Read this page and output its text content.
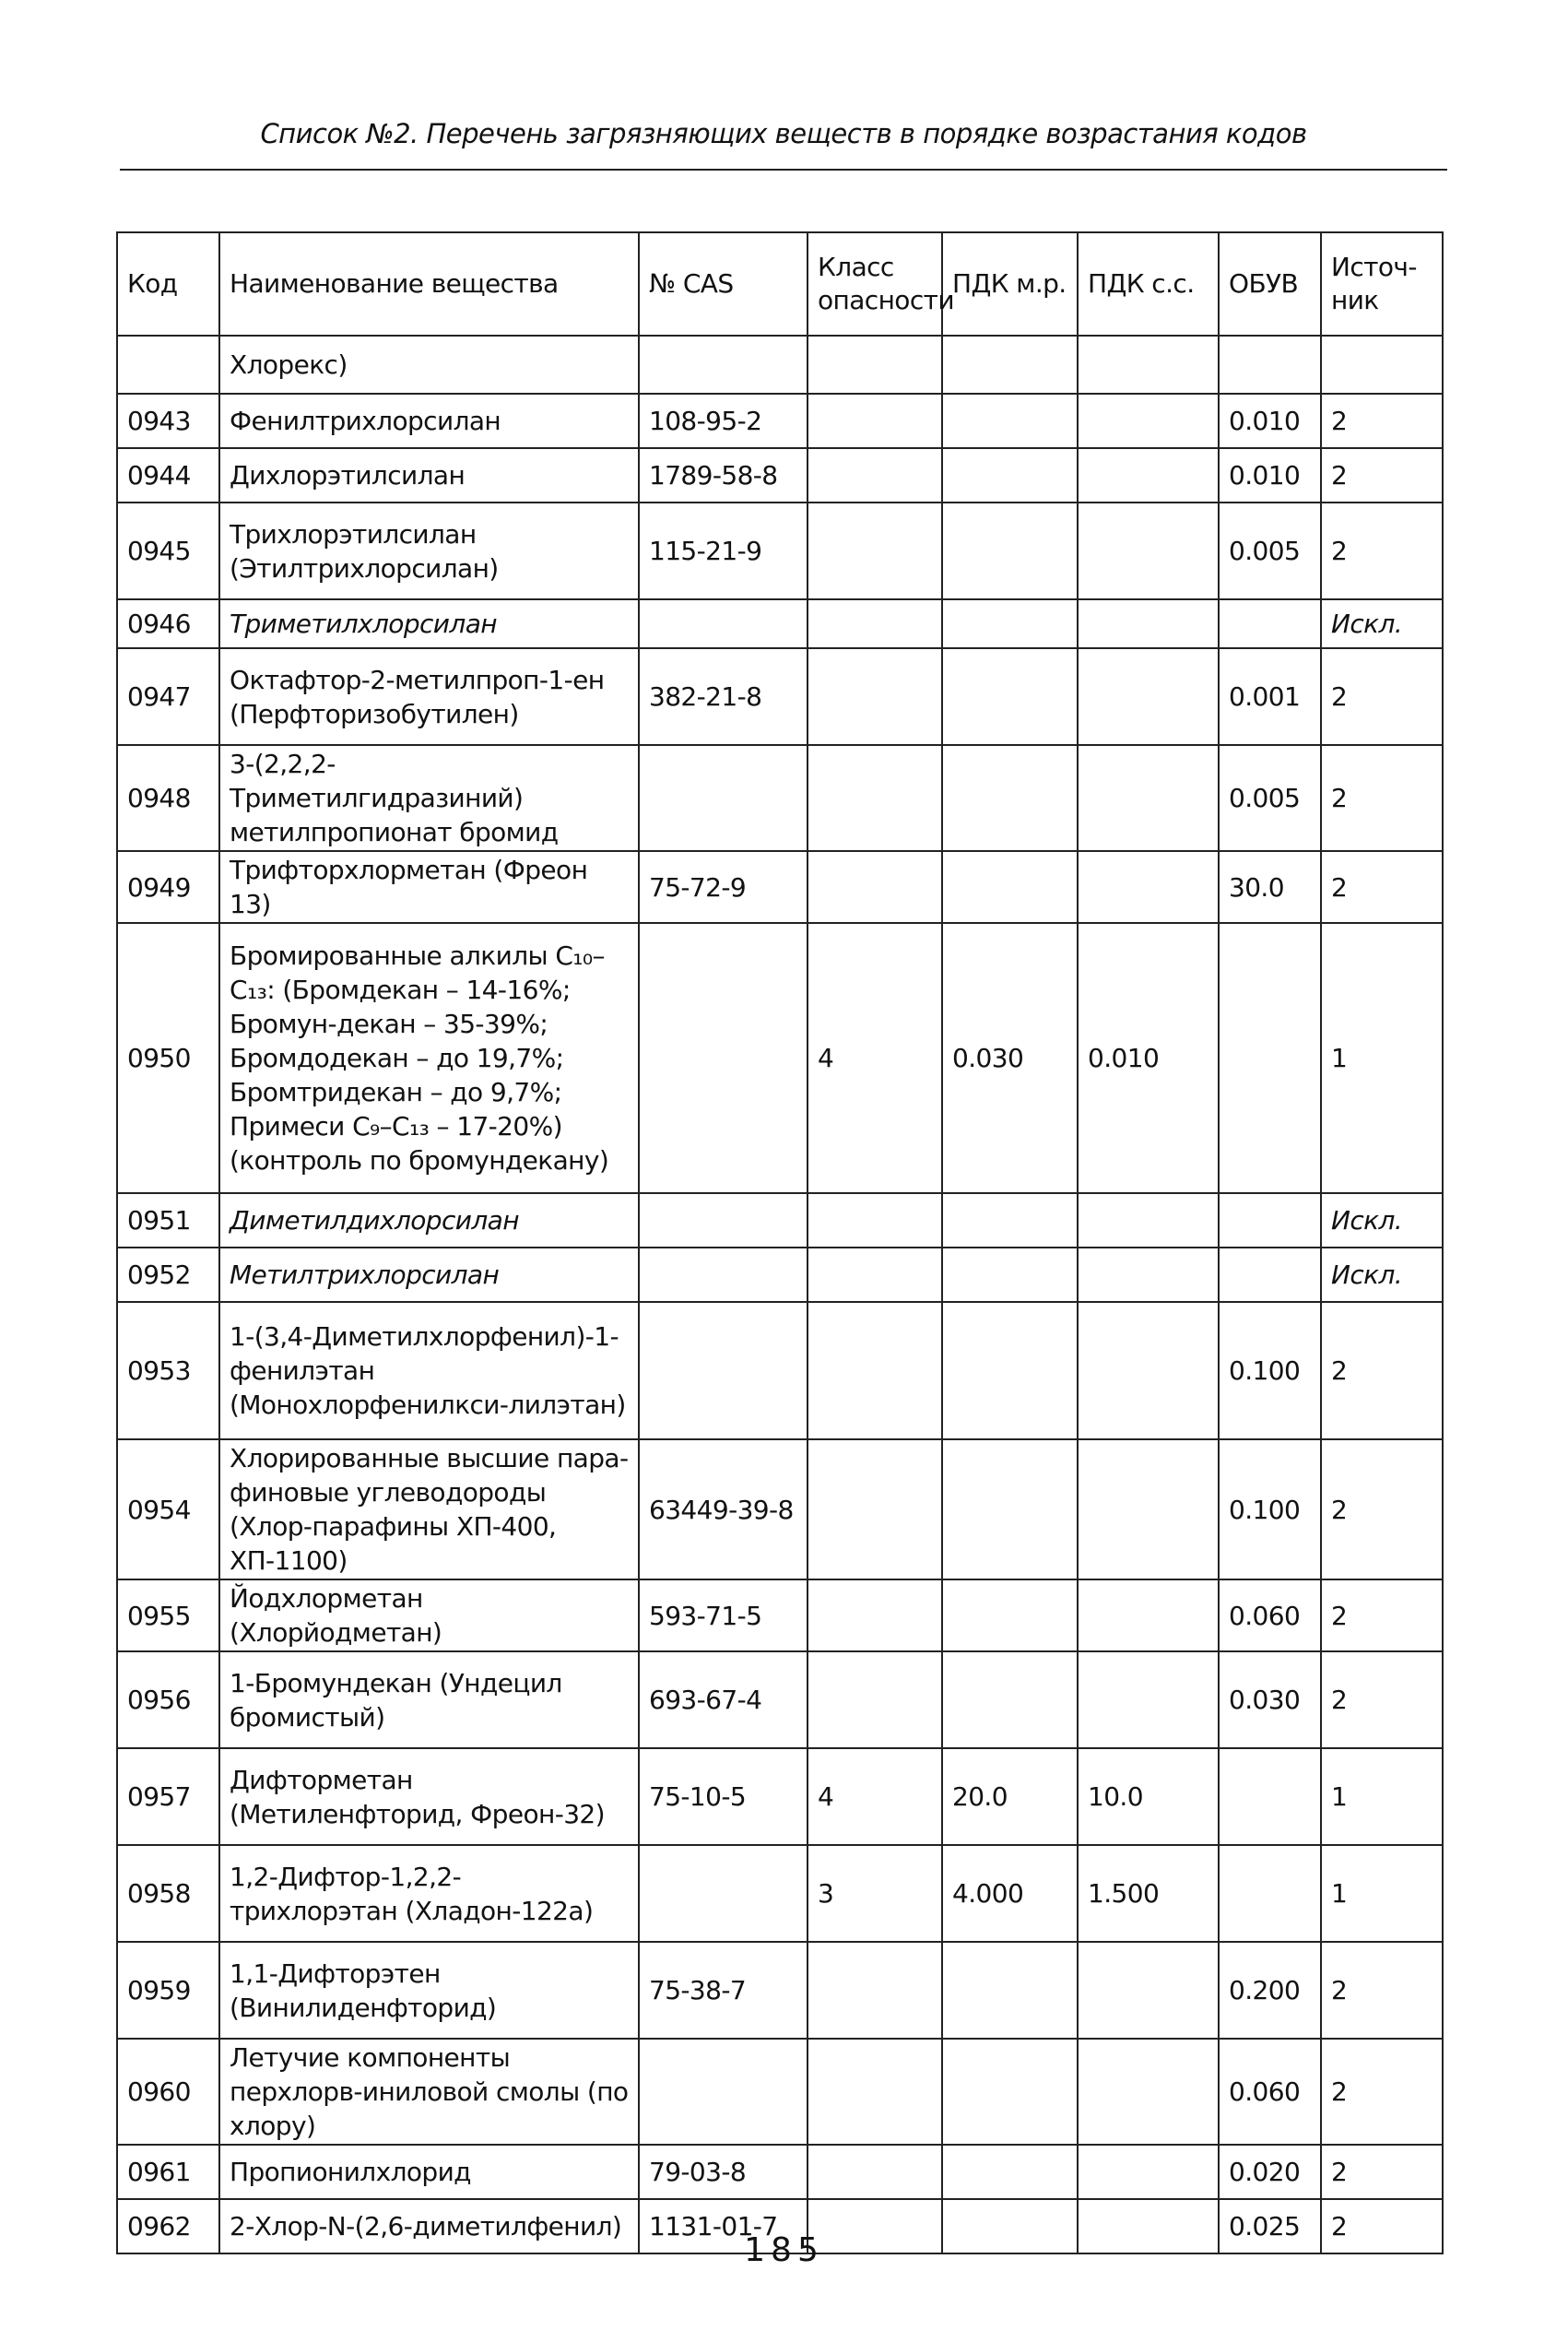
Список №2. Перечень загрязняющих веществ в порядке возрастания кодов
Код	Наименование вещества	№ CAS	Класс опасности	ПДК м.р.	ПДК с.с.	ОБУВ	Источ-ник
	Хлорекс)						
0943	Фенилтрихлорсилан	108-95-2				0.010	2
0944	Дихлорэтилсилан	1789-58-8				0.010	2
0945	Трихлорэтилсилан (Этилтрихлорсилан)	115-21-9				0.005	2
0946	Триметилхлорсилан						Искл.
0947	Октафтор-2-метилпроп-1-ен (Перфторизобутилен)	382-21-8				0.001	2
0948	3-(2,2,2-Триметилгидразиний) метилпропионат бромид					0.005	2
0949	Трифторхлорметан (Фреон 13)	75-72-9				30.0	2
0950	Бромированные алкилы C₁₀–C₁₃: (Бромдекан – 14-16%; Бромун-декан – 35-39%; Бромдодекан – до 19,7%; Бромтридекан – до 9,7%; Примеси C₉–C₁₃ – 17-20%) (контроль по бромундекану)		4	0.030	0.010		1
0951	Диметилдихлорсилан						Искл.
0952	Метилтрихлорсилан						Искл.
0953	1-(3,4-Диметилхлорфенил)-1-фенилэтан (Монохлорфенилкси-лилэтан)					0.100	2
0954	Хлорированные высшие пара-финовые углеводороды (Хлор-парафины ХП-400, ХП-1100)	63449-39-8				0.100	2
0955	Йодхлорметан (Хлорйодметан)	593-71-5				0.060	2
0956	1-Бромундекан (Ундецил бромистый)	693-67-4				0.030	2
0957	Дифторметан (Метиленфторид, Фреон-32)	75-10-5	4	20.0	10.0		1
0958	1,2-Дифтор-1,2,2-трихлорэтан (Хладон-122а)		3	4.000	1.500		1
0959	1,1-Дифторэтен (Винилиденфторид)	75-38-7				0.200	2
0960	Летучие компоненты перхлорв-иниловой смолы (по хлору)					0.060	2
0961	Пропионилхлорид	79-03-8				0.020	2
0962	2-Хлор-N-(2,6-диметилфенил)	1131-01-7				0.025	2
185
